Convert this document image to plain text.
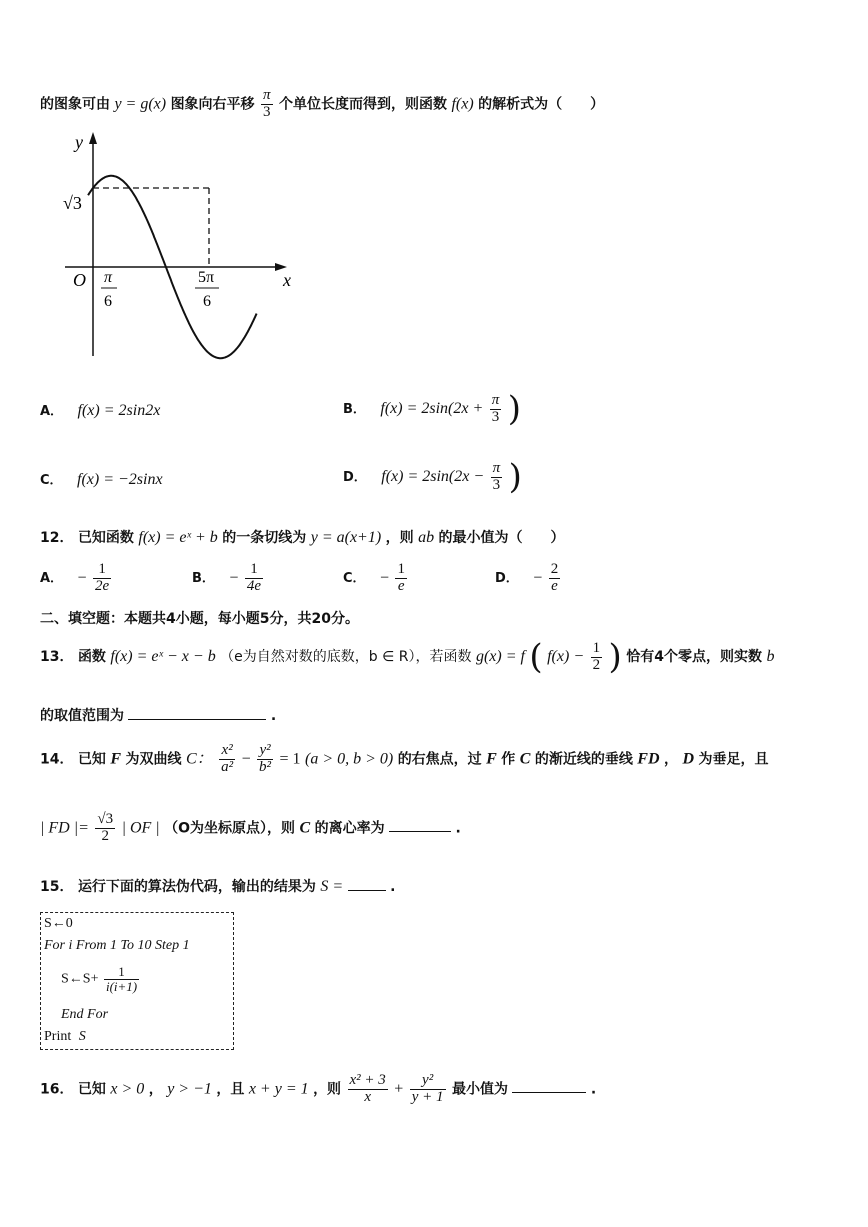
的图象可由 y = g(x) 图象向右平移 $\frac{\pi}{3}$ 个单位长度而得到，则函数 f(x) 的解析式为（　　）
y
x
O
√3
π
6
5π
6
A． f(x) = 2sin2x	B． $f(x) = 2\sin(2x + \frac{\pi}{3}$ )
C． f(x) = −2sinx	D． $f(x) = 2\sin(2x - \frac{\pi}{3}$ )
12． 已知函数 f(x) = eˣ + b 的一条切线为 y = a(x+1) ，则 ab 的最小值为（　　）
A． − $\frac{1}{2e}$	B． − $\frac{1}{4e}$	C． − $\frac{1}{e}$	D． − $\frac{2}{e}$
二、填空题：本题共4小题，每小题5分，共20分。
13． 函数 f(x) = eˣ − x − b （e为自然对数的底数，b ∈ R），若函数 g(x) = f ( $f(x) - \frac{1}{2}$ ) 恰有4个零点，则实数 b
的取值范围为	.
14． 已知 F 为双曲线 C： $\frac{\text{x²}}{\text{a²}} - \frac{\text{y²}}{\text{b²}} = 1$ (a > 0, b > 0) 的右焦点，过 F 作 C 的渐近线的垂线 FD ， D 为垂足，且
| FD |= $\frac{√3}{2}$ | OF | （O为坐标原点），则 C 的离心率为	.
15． 运行下面的算法伪代码，输出的结果为 S =	.
S←0
For i From 1 To 10 Step 1
S←S+ $\frac{1}{i(i+1)}$
End For
Print S
16． 已知 x > 0 ， y > −1 ，且 x + y = 1 ，则 $\frac{\text{x² + 3}}{x} + \frac{\text{y²}}{y + 1}$ 最小值为	.
